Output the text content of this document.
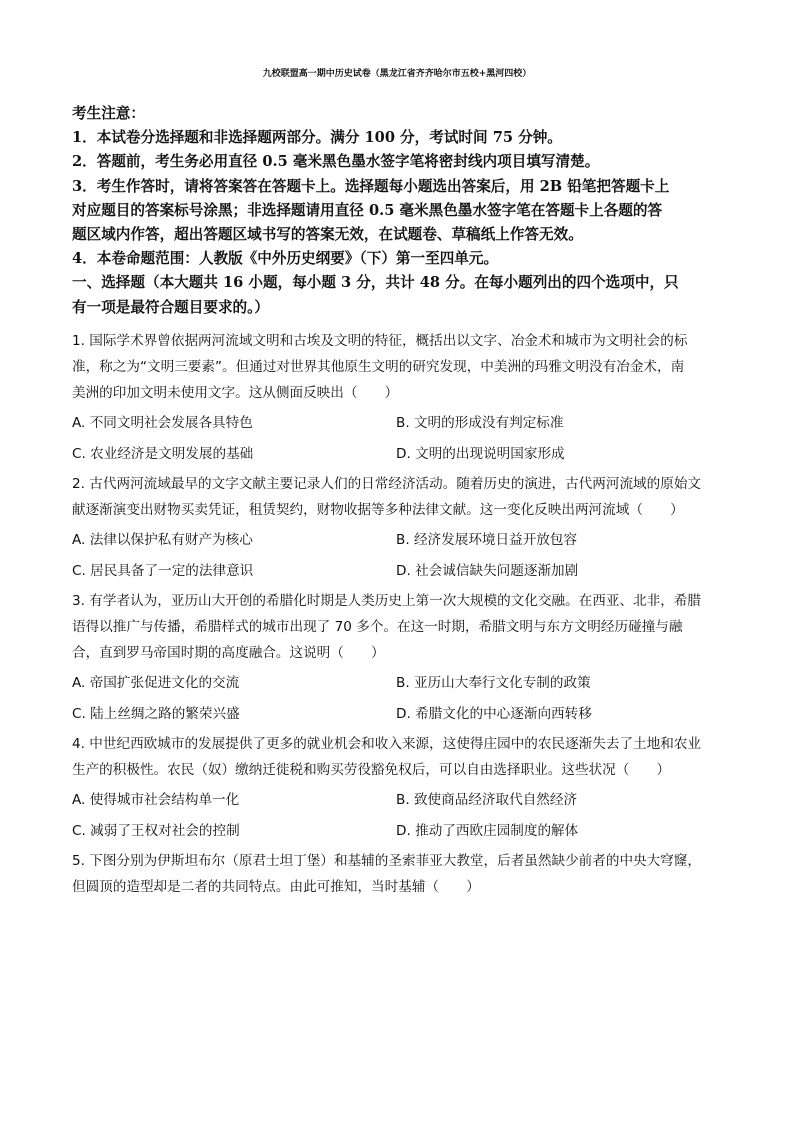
九校联盟高一期中历史试卷（黑龙江省齐齐哈尔市五校+黑河四校）
考生注意：
1．本试卷分选择题和非选择题两部分。满分 100 分，考试时间 75 分钟。
2．答题前，考生务必用直径 0.5 毫米黑色墨水签字笔将密封线内项目填写清楚。
3．考生作答时，请将答案答在答题卡上。选择题每小题选出答案后，用 2B 铅笔把答题卡上
对应题目的答案标号涂黑；非选择题请用直径 0.5 毫米黑色墨水签字笔在答题卡上各题的答
题区域内作答，超出答题区域书写的答案无效，在试题卷、草稿纸上作答无效。
4．本卷命题范围：人教版《中外历史纲要》（下）第一至四单元。
一、选择题（本大题共 16 小题，每小题 3 分，共计 48 分。在每小题列出的四个选项中，只
有一项是最符合题目要求的。）
1. 国际学术界曾依据两河流域文明和古埃及文明的特征，概括出以文字、冶金术和城市为文明社会的标
准，称之为“文明三要素”。但通过对世界其他原生文明的研究发现，中美洲的玛雅文明没有冶金术，南
美洲的印加文明未使用文字。这从侧面反映出（　　）
A. 不同文明社会发展各具特色	B. 文明的形成没有判定标准
C. 农业经济是文明发展的基础	D. 文明的出现说明国家形成
2. 古代两河流域最早的文字文献主要记录人们的日常经济活动。随着历史的演进，古代两河流域的原始文
献逐渐演变出财物买卖凭证，租赁契约，财物收据等多种法律文献。这一变化反映出两河流域（　　）
A. 法律以保护私有财产为核心	B. 经济发展环境日益开放包容
C. 居民具备了一定的法律意识	D. 社会诚信缺失问题逐渐加剧
3. 有学者认为，亚历山大开创的希腊化时期是人类历史上第一次大规模的文化交融。在西亚、北非，希腊
语得以推广与传播，希腊样式的城市出现了 70 多个。在这一时期，希腊文明与东方文明经历碰撞与融
合，直到罗马帝国时期的高度融合。这说明（　　）
A. 帝国扩张促进文化的交流	B. 亚历山大奉行文化专制的政策
C. 陆上丝绸之路的繁荣兴盛	D. 希腊文化的中心逐渐向西转移
4. 中世纪西欧城市的发展提供了更多的就业机会和收入来源，这使得庄园中的农民逐渐失去了土地和农业
生产的积极性。农民（奴）缴纳迁徙税和购买劳役豁免权后，可以自由选择职业。这些状况（　　）
A. 使得城市社会结构单一化	B. 致使商品经济取代自然经济
C. 减弱了王权对社会的控制	D. 推动了西欧庄园制度的解体
5. 下图分别为伊斯坦布尔（原君士坦丁堡）和基辅的圣索菲亚大教堂，后者虽然缺少前者的中央大穹窿，
但圆顶的造型却是二者的共同特点。由此可推知，当时基辅（　　）
